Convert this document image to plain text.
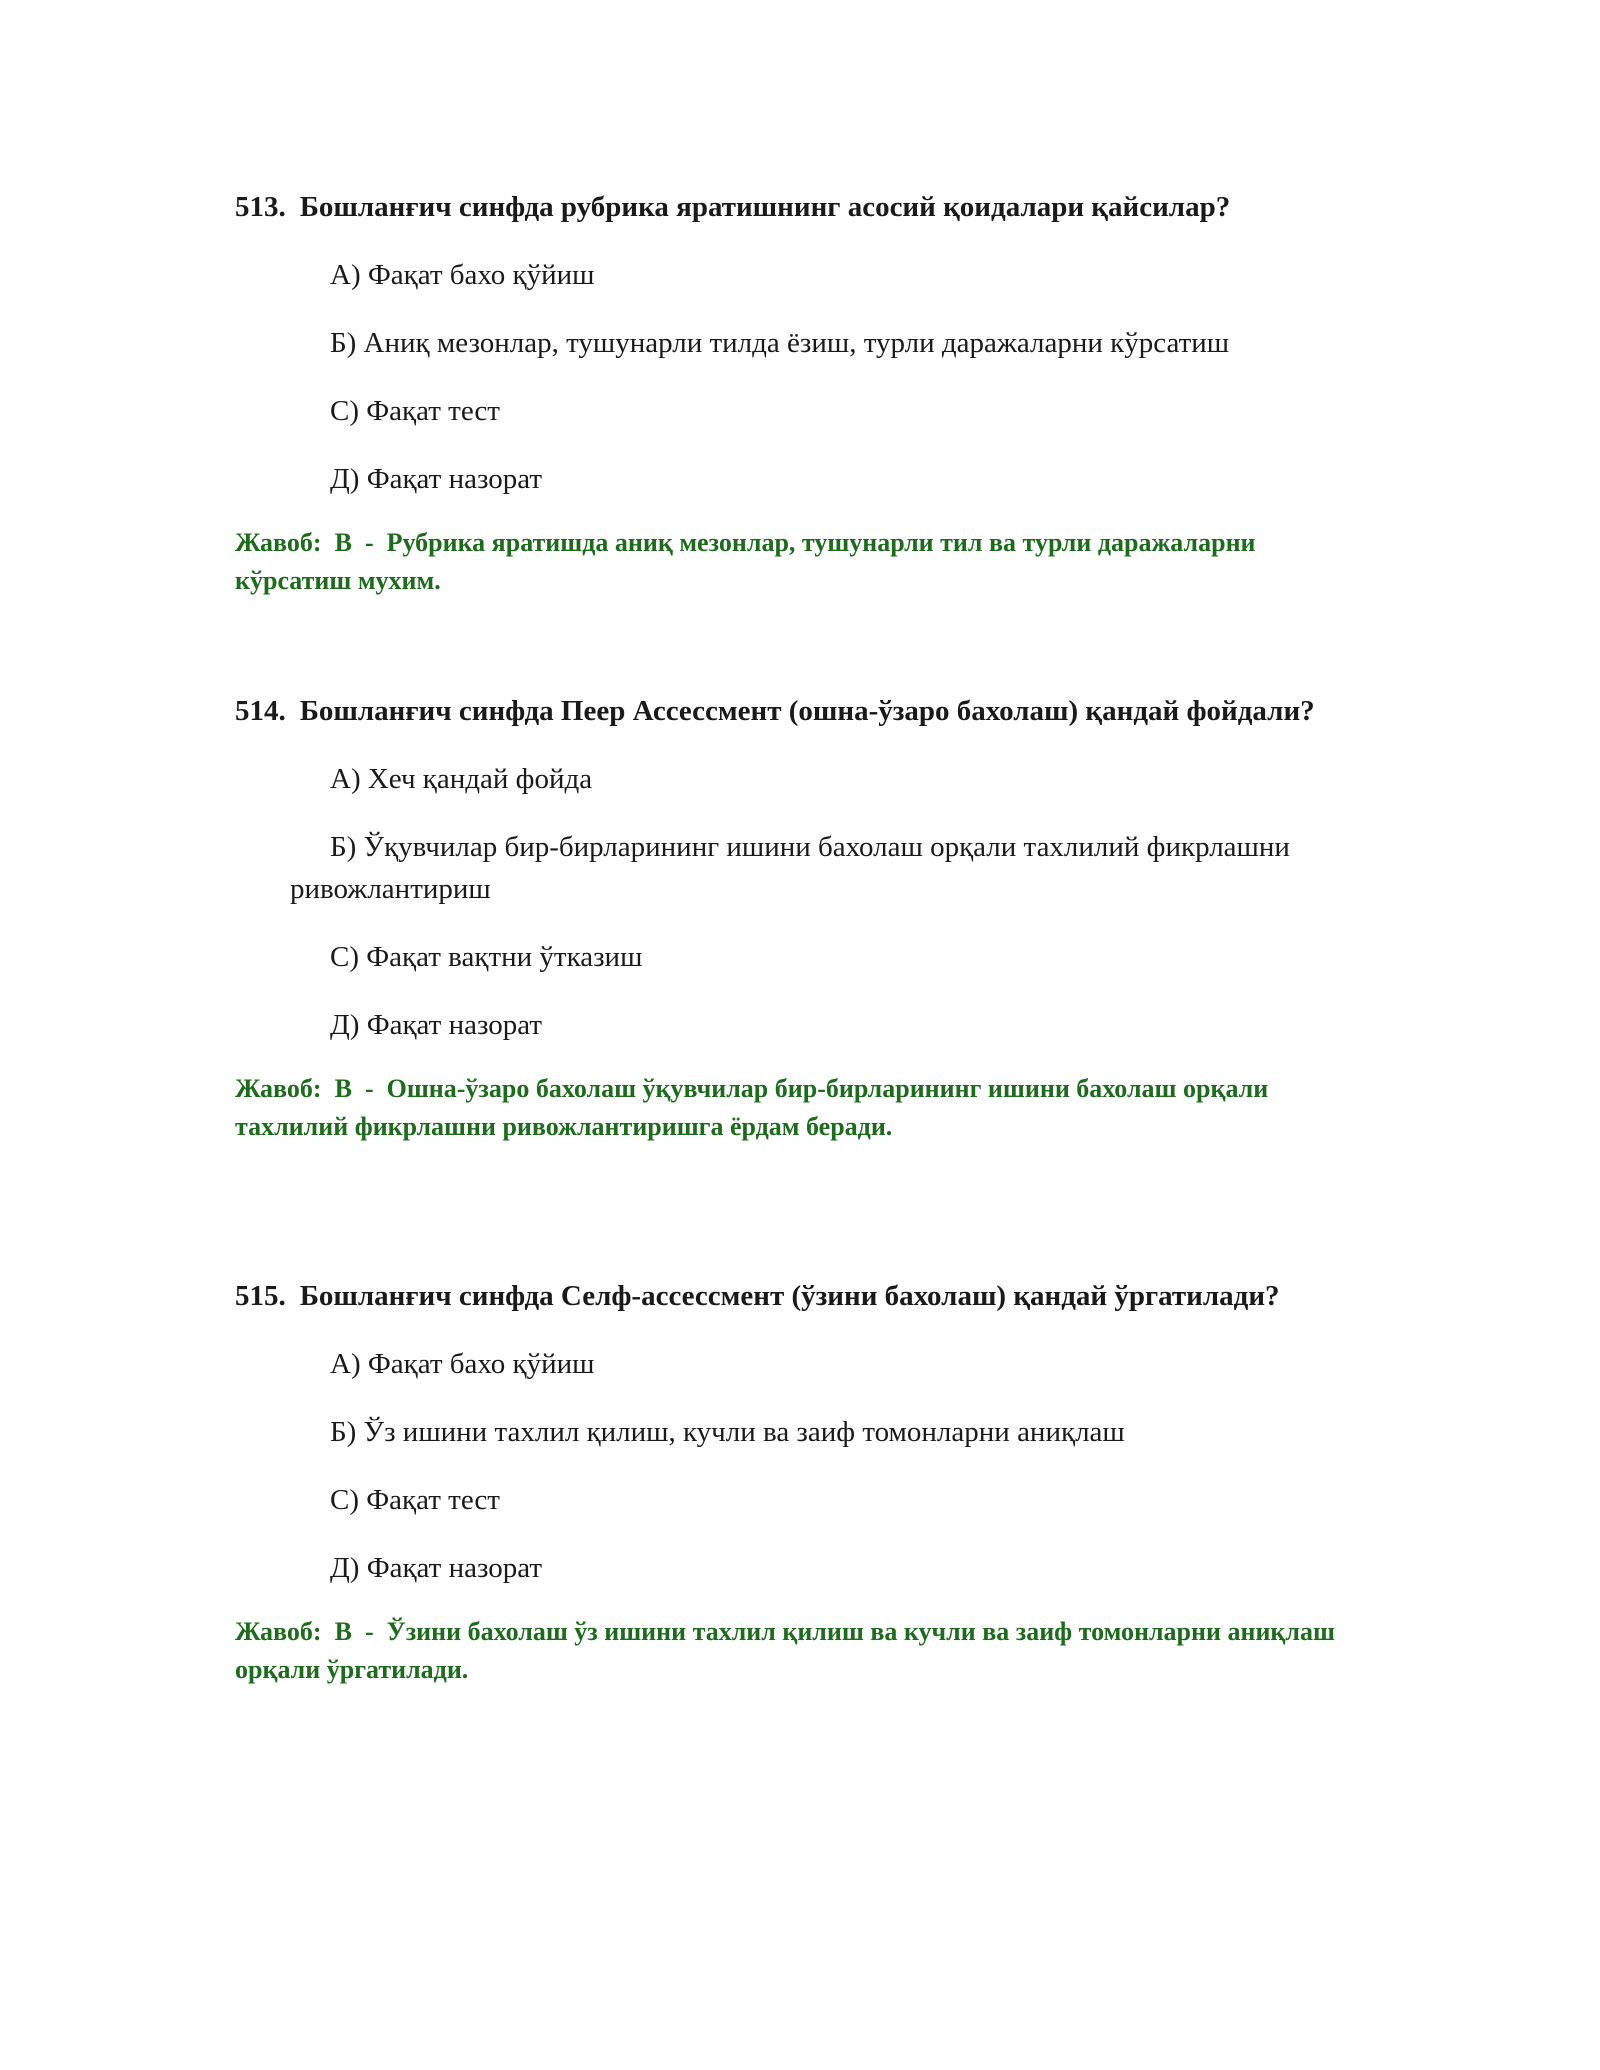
513. Бошланғич синфда рубрика яратишнинг асосий қоидалари қайсилар?

А) Фақат бахо қўйиш

Б) Аниқ мезонлар, тушунарли тилда ёзиш, турли даражаларни кўрсатиш

С) Фақат тест

Д) Фақат назорат

Жавоб: В - Рубрика яратишда аниқ мезонлар, тушунарли тил ва турли даражаларни кўрсатиш мухим.

514. Бошланғич синфда Пеер Ассессмент (ошна-ўзаро бахолаш) қандай фойдали?

А) Хеч қандай фойда

Б) Ўқувчилар бир-бирларининг ишини бахолаш орқали тахлилий фикрлашни ривожлантириш

С) Фақат вақтни ўтказиш

Д) Фақат назорат

Жавоб: В - Ошна-ўзаро бахолаш ўқувчилар бир-бирларининг ишини бахолаш орқали тахлилий фикрлашни ривожлантиришга ёрдам беради.

515. Бошланғич синфда Селф-ассессмент (ўзини бахолаш) қандай ўргатилади?

А) Фақат бахо қўйиш

Б) Ўз ишини тахлил қилиш, кучли ва заиф томонларни аниқлаш

С) Фақат тест

Д) Фақат назорат

Жавоб: В - Ўзини бахолаш ўз ишини тахлил қилиш ва кучли ва заиф томонларни аниқлаш орқали ўргатилади.
